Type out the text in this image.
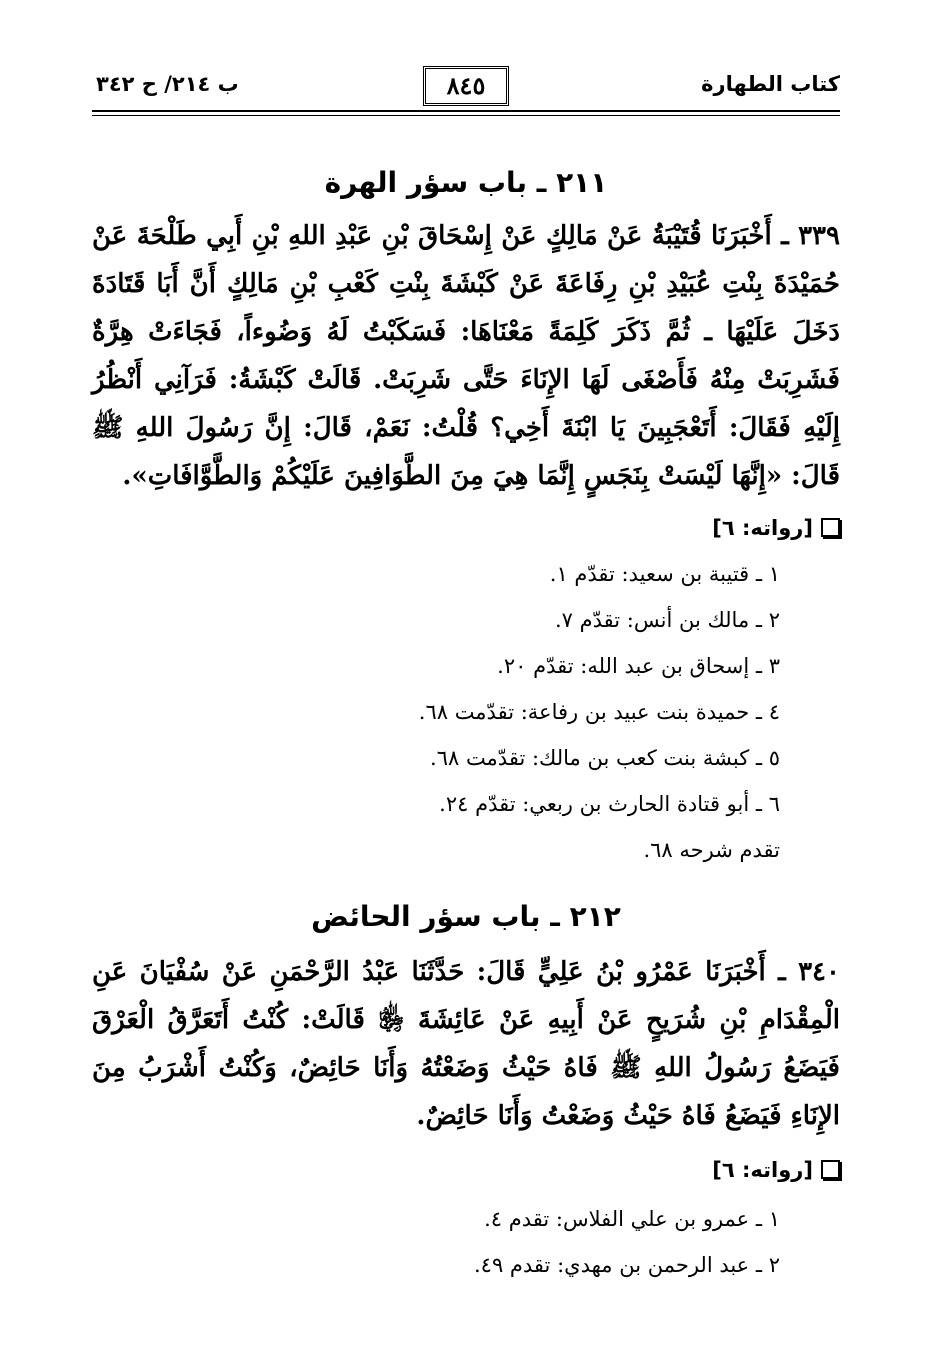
كتاب الطهارة
٨٤٥
ب ٢١٤/ ح ٣٤٢
٢١١ ـ باب سؤر الهرة
٣٣٩ ـ أَخْبَرَنَا قُتَيْبَةُ عَنْ مَالِكٍ عَنْ إِسْحَاقَ بْنِ عَبْدِ اللهِ بْنِ أَبِي طَلْحَةَ عَنْ حُمَيْدَةَ بِنْتِ عُبَيْدِ بْنِ رِفَاعَةَ عَنْ كَبْشَةَ بِنْتِ كَعْبِ بْنِ مَالِكٍ أَنَّ أَبَا قَتَادَةَ دَخَلَ عَلَيْهَا ـ ثُمَّ ذَكَرَ كَلِمَةً مَعْنَاهَا: فَسَكَبْتُ لَهُ وَضُوءاً، فَجَاءَتْ هِرَّةٌ فَشَرِبَتْ مِنْهُ فَأَصْغَى لَهَا الإِنَاءَ حَتَّى شَرِبَتْ. قَالَتْ كَبْشَةُ: فَرَآنِي أَنْظُرُ إِلَيْهِ فَقَالَ: أَتَعْجَبِينَ يَا ابْنَةَ أَخِي؟ قُلْتُ: نَعَمْ، قَالَ: إِنَّ رَسُولَ اللهِ ﷺ قَالَ: «إِنَّهَا لَيْسَتْ بِنَجَسٍ إِنَّمَا هِيَ مِنَ الطَّوَافِينَ عَلَيْكُمْ وَالطَّوَّافَاتِ».
[رواته: ٦]
١ ـ قتيبة بن سعيد: تقدّم ١.
٢ ـ مالك بن أنس: تقدّم ٧.
٣ ـ إسحاق بن عبد الله: تقدّم ٢٠.
٤ ـ حميدة بنت عبيد بن رفاعة: تقدّمت ٦٨.
٥ ـ كبشة بنت كعب بن مالك: تقدّمت ٦٨.
٦ ـ أبو قتادة الحارث بن ربعي: تقدّم ٢٤.
تقدم شرحه ٦٨.
٢١٢ ـ باب سؤر الحائض
٣٤٠ ـ أَخْبَرَنَا عَمْرُو بْنُ عَلِيٍّ قَالَ: حَدَّثَنَا عَبْدُ الرَّحْمَنِ عَنْ سُفْيَانَ عَنِ الْمِقْدَامِ بْنِ شُرَيحٍ عَنْ أَبِيهِ عَنْ عَائِشَةَ ﵂ قَالَتْ: كُنْتُ أَتَعَرَّقُ الْعَرْقَ فَيَضَعُ رَسُولُ اللهِ ﷺ فَاهُ حَيْثُ وَضَعْتُهُ وَأَنَا حَائِضٌ، وَكُنْتُ أَشْرَبُ مِنَ الإِنَاءِ فَيَضَعُ فَاهُ حَيْثُ وَضَعْتُ وَأَنَا حَائِضٌ.
[رواته: ٦]
١ ـ عمرو بن علي الفلاس: تقدم ٤.
٢ ـ عبد الرحمن بن مهدي: تقدم ٤٩.
